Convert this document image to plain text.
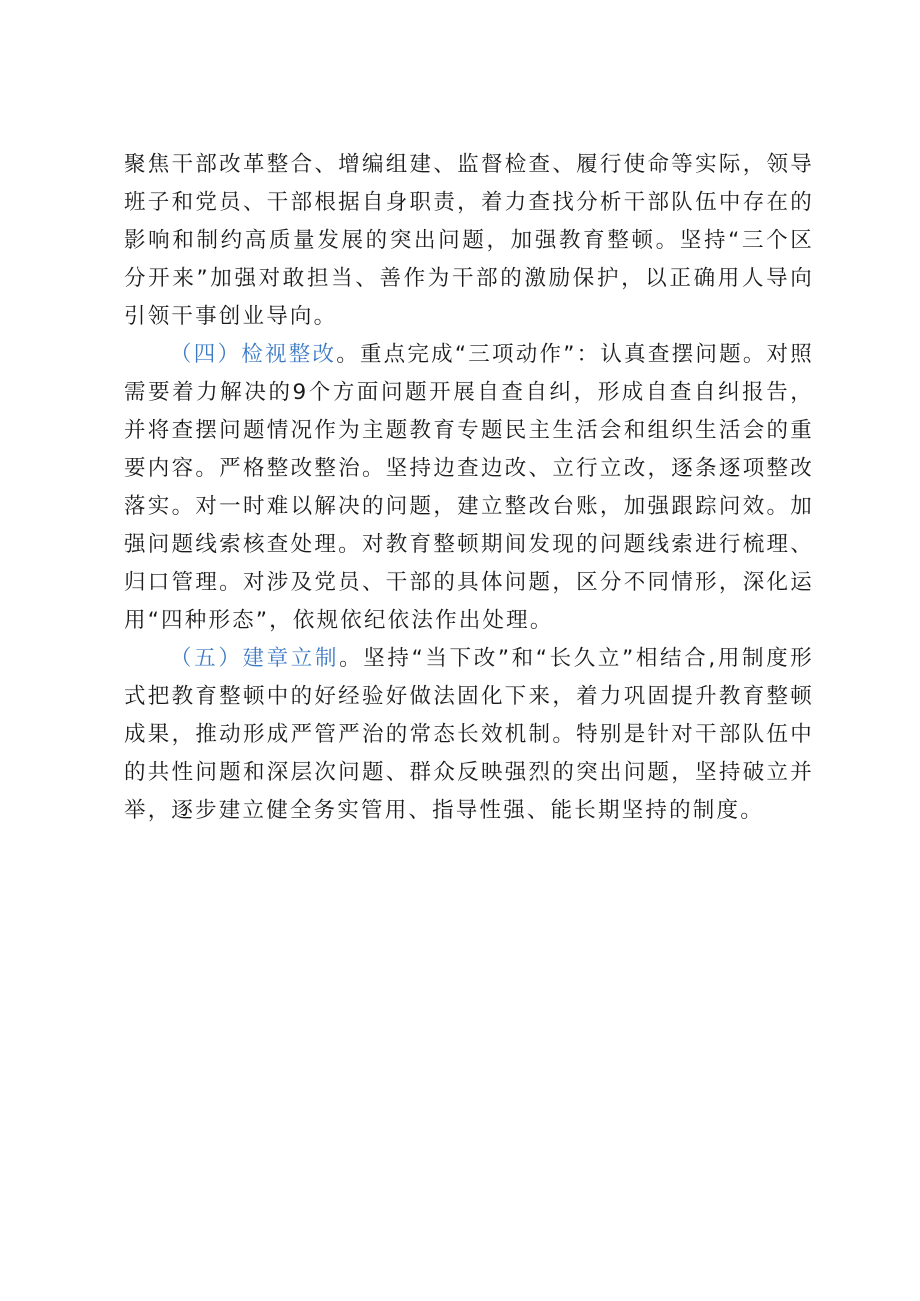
聚焦干部改革整合、增编组建、监督检查、履行使命等实际，领导班子和党员、干部根据自身职责，着力查找分析干部队伍中存在的影响和制约高质量发展的突出问题，加强教育整顿。坚持“三个区分开来”加强对敢担当、善作为干部的激励保护，以正确用人导向引领干事创业导向。

（四）检视整改。重点完成“三项动作”：认真查摆问题。对照需要着力解决的9个方面问题开展自查自纠，形成自查自纠报告，并将查摆问题情况作为主题教育专题民主生活会和组织生活会的重要内容。严格整改整治。坚持边查边改、立行立改，逐条逐项整改落实。对一时难以解决的问题，建立整改台账，加强跟踪问效。加强问题线索核查处理。对教育整顿期间发现的问题线索进行梳理、归口管理。对涉及党员、干部的具体问题，区分不同情形，深化运用“四种形态”，依规依纪依法作出处理。

（五）建章立制。坚持“当下改”和“长久立”相结合,用制度形式把教育整顿中的好经验好做法固化下来，着力巩固提升教育整顿成果，推动形成严管严治的常态长效机制。特别是针对干部队伍中的共性问题和深层次问题、群众反映强烈的突出问题，坚持破立并举，逐步建立健全务实管用、指导性强、能长期坚持的制度。
